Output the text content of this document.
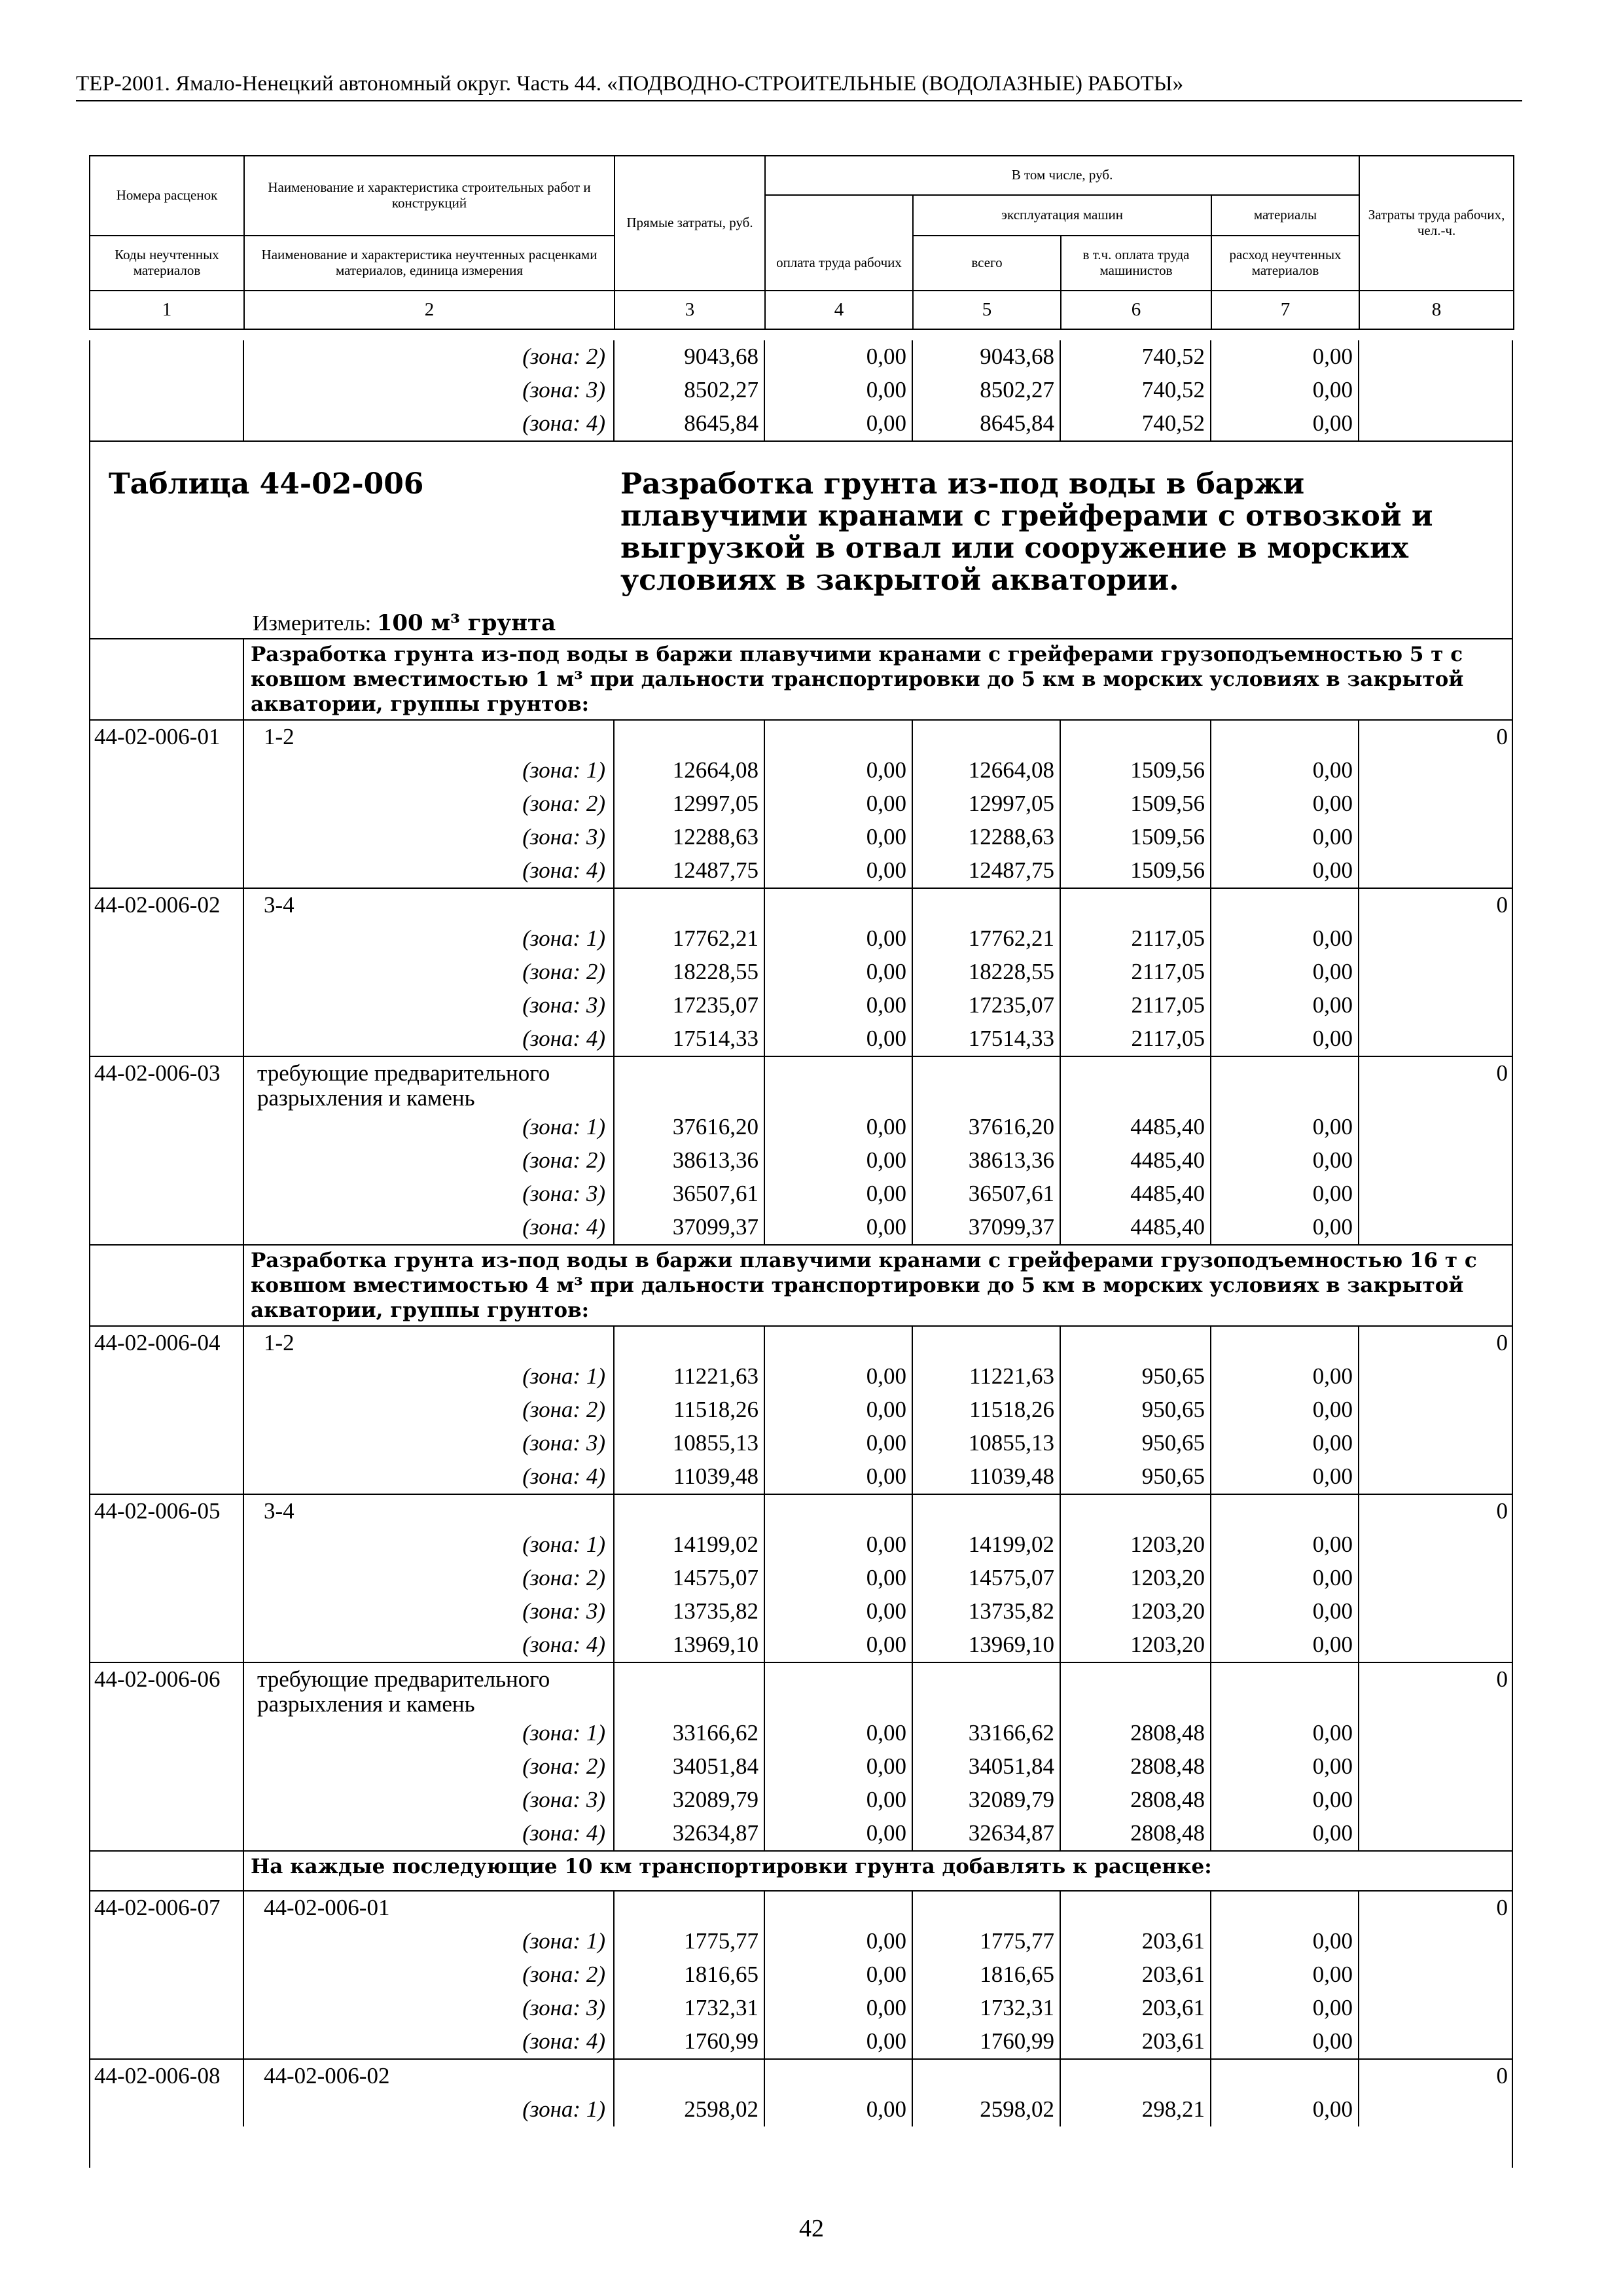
ТЕР-2001. Ямало-Ненецкий автономный округ. Часть 44. «ПОДВОДНО-СТРОИТЕЛЬНЫЕ (ВОДОЛАЗНЫЕ) РАБОТЫ»
Номера расценок	Наименование и характеристика строительных работ и конструкций	Прямые затраты, руб.	В том числе, руб.				Затраты труда рабочих, чел.-ч.
			оплата труда рабочих	эксплуатация машин		материалы	

Коды неучтенных материалов	Наименование и характеристика неучтенных расценками материалов, единица измерения			всего	в т.ч. оплата труда машинистов	расход неучтенных материалов	

1	2	3	4	5	6	7	8
	(зона: 2)	9043,68	0,00	9043,68	740,52	0,00	
	(зона: 3)	8502,27	0,00	8502,27	740,52	0,00	
	(зона: 4)	8645,84	0,00	8645,84	740,52	0,00	

Таблица 44-02-006 Разработка грунта из-под воды в баржи плавучими кранами с грейферами с отвозкой и выгрузкой в отвал или сооружение в морских условиях в закрытой акватории.
Измеритель: 100 м³ грунта							

	Разработка грунта из-под воды в баржи плавучими кранами с грейферами грузоподъемностью 5 т с ковшом вместимостью 1 м³ при дальности транспортировки до 5 км в морских условиях в закрытой акватории, группы грунтов:						
44-02-006-01	1-2						0
	(зона: 1)	12664,08	0,00	12664,08	1509,56	0,00	
	(зона: 2)	12997,05	0,00	12997,05	1509,56	0,00	
	(зона: 3)	12288,63	0,00	12288,63	1509,56	0,00	
	(зона: 4)	12487,75	0,00	12487,75	1509,56	0,00	
44-02-006-02	3-4						0
	(зона: 1)	17762,21	0,00	17762,21	2117,05	0,00	
	(зона: 2)	18228,55	0,00	18228,55	2117,05	0,00	
	(зона: 3)	17235,07	0,00	17235,07	2117,05	0,00	
	(зона: 4)	17514,33	0,00	17514,33	2117,05	0,00	
44-02-006-03	требующие предварительного разрыхления и камень						0
	(зона: 1)	37616,20	0,00	37616,20	4485,40	0,00	
	(зона: 2)	38613,36	0,00	38613,36	4485,40	0,00	
	(зона: 3)	36507,61	0,00	36507,61	4485,40	0,00	
	(зона: 4)	37099,37	0,00	37099,37	4485,40	0,00	
	Разработка грунта из-под воды в баржи плавучими кранами с грейферами грузоподъемностью 16 т с ковшом вместимостью 4 м³ при дальности транспортировки до 5 км в морских условиях в закрытой акватории, группы грунтов:						
44-02-006-04	1-2						0
	(зона: 1)	11221,63	0,00	11221,63	950,65	0,00	
	(зона: 2)	11518,26	0,00	11518,26	950,65	0,00	
	(зона: 3)	10855,13	0,00	10855,13	950,65	0,00	
	(зона: 4)	11039,48	0,00	11039,48	950,65	0,00	
44-02-006-05	3-4						0
	(зона: 1)	14199,02	0,00	14199,02	1203,20	0,00	
	(зона: 2)	14575,07	0,00	14575,07	1203,20	0,00	
	(зона: 3)	13735,82	0,00	13735,82	1203,20	0,00	
	(зона: 4)	13969,10	0,00	13969,10	1203,20	0,00	
44-02-006-06	требующие предварительного разрыхления и камень						0
	(зона: 1)	33166,62	0,00	33166,62	2808,48	0,00	
	(зона: 2)	34051,84	0,00	34051,84	2808,48	0,00	
	(зона: 3)	32089,79	0,00	32089,79	2808,48	0,00	
	(зона: 4)	32634,87	0,00	32634,87	2808,48	0,00	
	На каждые последующие 10 км транспортировки грунта добавлять к расценке:						
44-02-006-07	44-02-006-01						0
	(зона: 1)	1775,77	0,00	1775,77	203,61	0,00	
	(зона: 2)	1816,65	0,00	1816,65	203,61	0,00	
	(зона: 3)	1732,31	0,00	1732,31	203,61	0,00	
	(зона: 4)	1760,99	0,00	1760,99	203,61	0,00	
44-02-006-08	44-02-006-02						0
	(зона: 1)	2598,02	0,00	2598,02	298,21	0,00	
42
